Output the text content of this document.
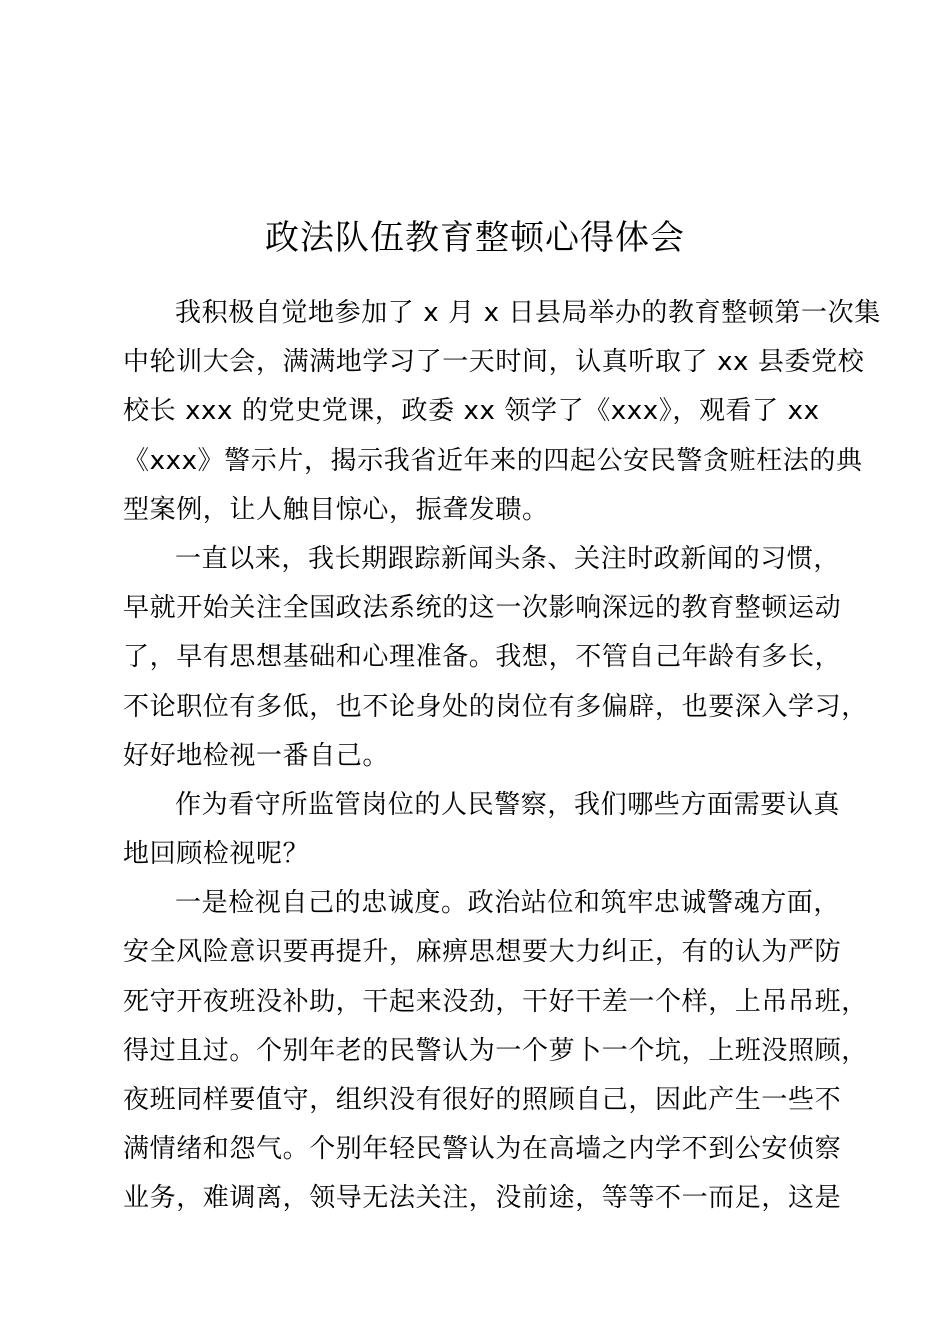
政法队伍教育整顿心得体会
我积极自觉地参加了 x 月 x 日县局举办的教育整顿第一次集
中轮训大会，满满地学习了一天时间，认真听取了 xx 县委党校
校长 xxx 的党史党课，政委 xx 领学了《xxx》，观看了 xx
《xxx》警示片，揭示我省近年来的四起公安民警贪赃枉法的典
型案例，让人触目惊心，振聋发聩。
一直以来，我长期跟踪新闻头条、关注时政新闻的习惯，
早就开始关注全国政法系统的这一次影响深远的教育整顿运动
了，早有思想基础和心理准备。我想，不管自己年龄有多长，
不论职位有多低，也不论身处的岗位有多偏辟，也要深入学习，
好好地检视一番自己。
作为看守所监管岗位的人民警察，我们哪些方面需要认真
地回顾检视呢？
一是检视自己的忠诚度。政治站位和筑牢忠诚警魂方面，
安全风险意识要再提升，麻痹思想要大力纠正，有的认为严防
死守开夜班没补助，干起来没劲，干好干差一个样，上吊吊班，
得过且过。个别年老的民警认为一个萝卜一个坑，上班没照顾，
夜班同样要值守，组织没有很好的照顾自己，因此产生一些不
满情绪和怨气。个别年轻民警认为在高墙之内学不到公安侦察
业务，难调离，领导无法关注，没前途，等等不一而足，这是
